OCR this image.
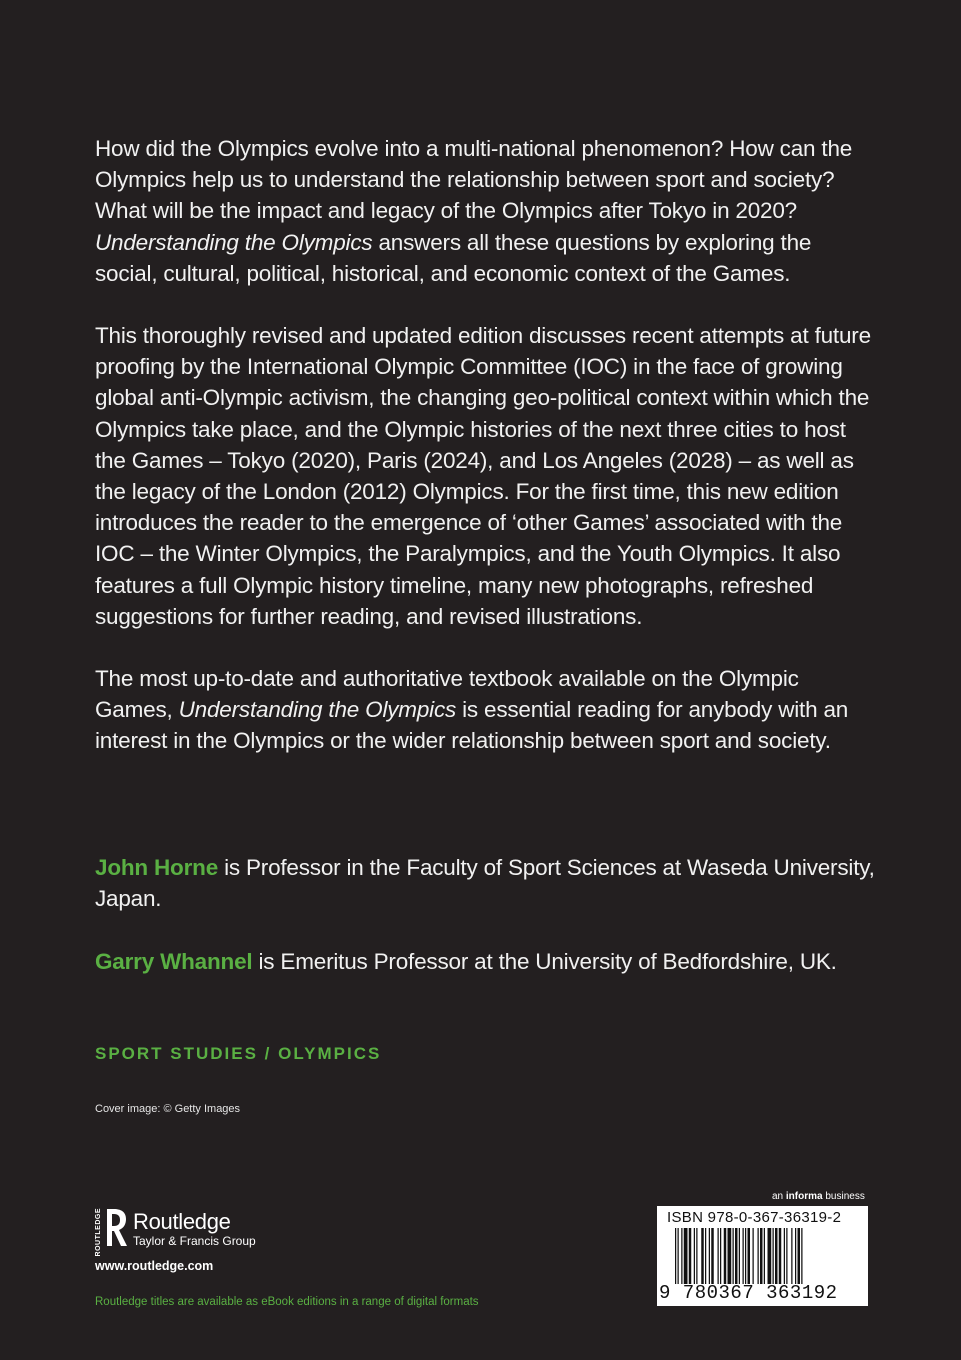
How did the Olympics evolve into a multi-national phenomenon? How can the Olympics help us to understand the relationship between sport and society? What will be the impact and legacy of the Olympics after Tokyo in 2020? Understanding the Olympics answers all these questions by exploring the social, cultural, political, historical, and economic context of the Games.

This thoroughly revised and updated edition discusses recent attempts at future proofing by the International Olympic Committee (IOC) in the face of growing global anti-Olympic activism, the changing geo-political context within which the Olympics take place, and the Olympic histories of the next three cities to host the Games – Tokyo (2020), Paris (2024), and Los Angeles (2028) – as well as the legacy of the London (2012) Olympics. For the first time, this new edition introduces the reader to the emergence of ‘other Games’ associated with the IOC – the Winter Olympics, the Paralympics, and the Youth Olympics. It also features a full Olympic history timeline, many new photographs, refreshed suggestions for further reading, and revised illustrations.

The most up-to-date and authoritative textbook available on the Olympic Games, Understanding the Olympics is essential reading for anybody with an interest in the Olympics or the wider relationship between sport and society.

John Horne is Professor in the Faculty of Sport Sciences at Waseda University, Japan.

Garry Whannel is Emeritus Professor at the University of Bedfordshire, UK.

SPORT STUDIES / OLYMPICS
Cover image: © Getty Images
ROUTLEDGE Routledge
Taylor & Francis Group
www.routledge.com
Routledge titles are available as eBook editions in a range of digital formats
an informa business
ISBN 978-0-367-36319-2
9 780367 363192
